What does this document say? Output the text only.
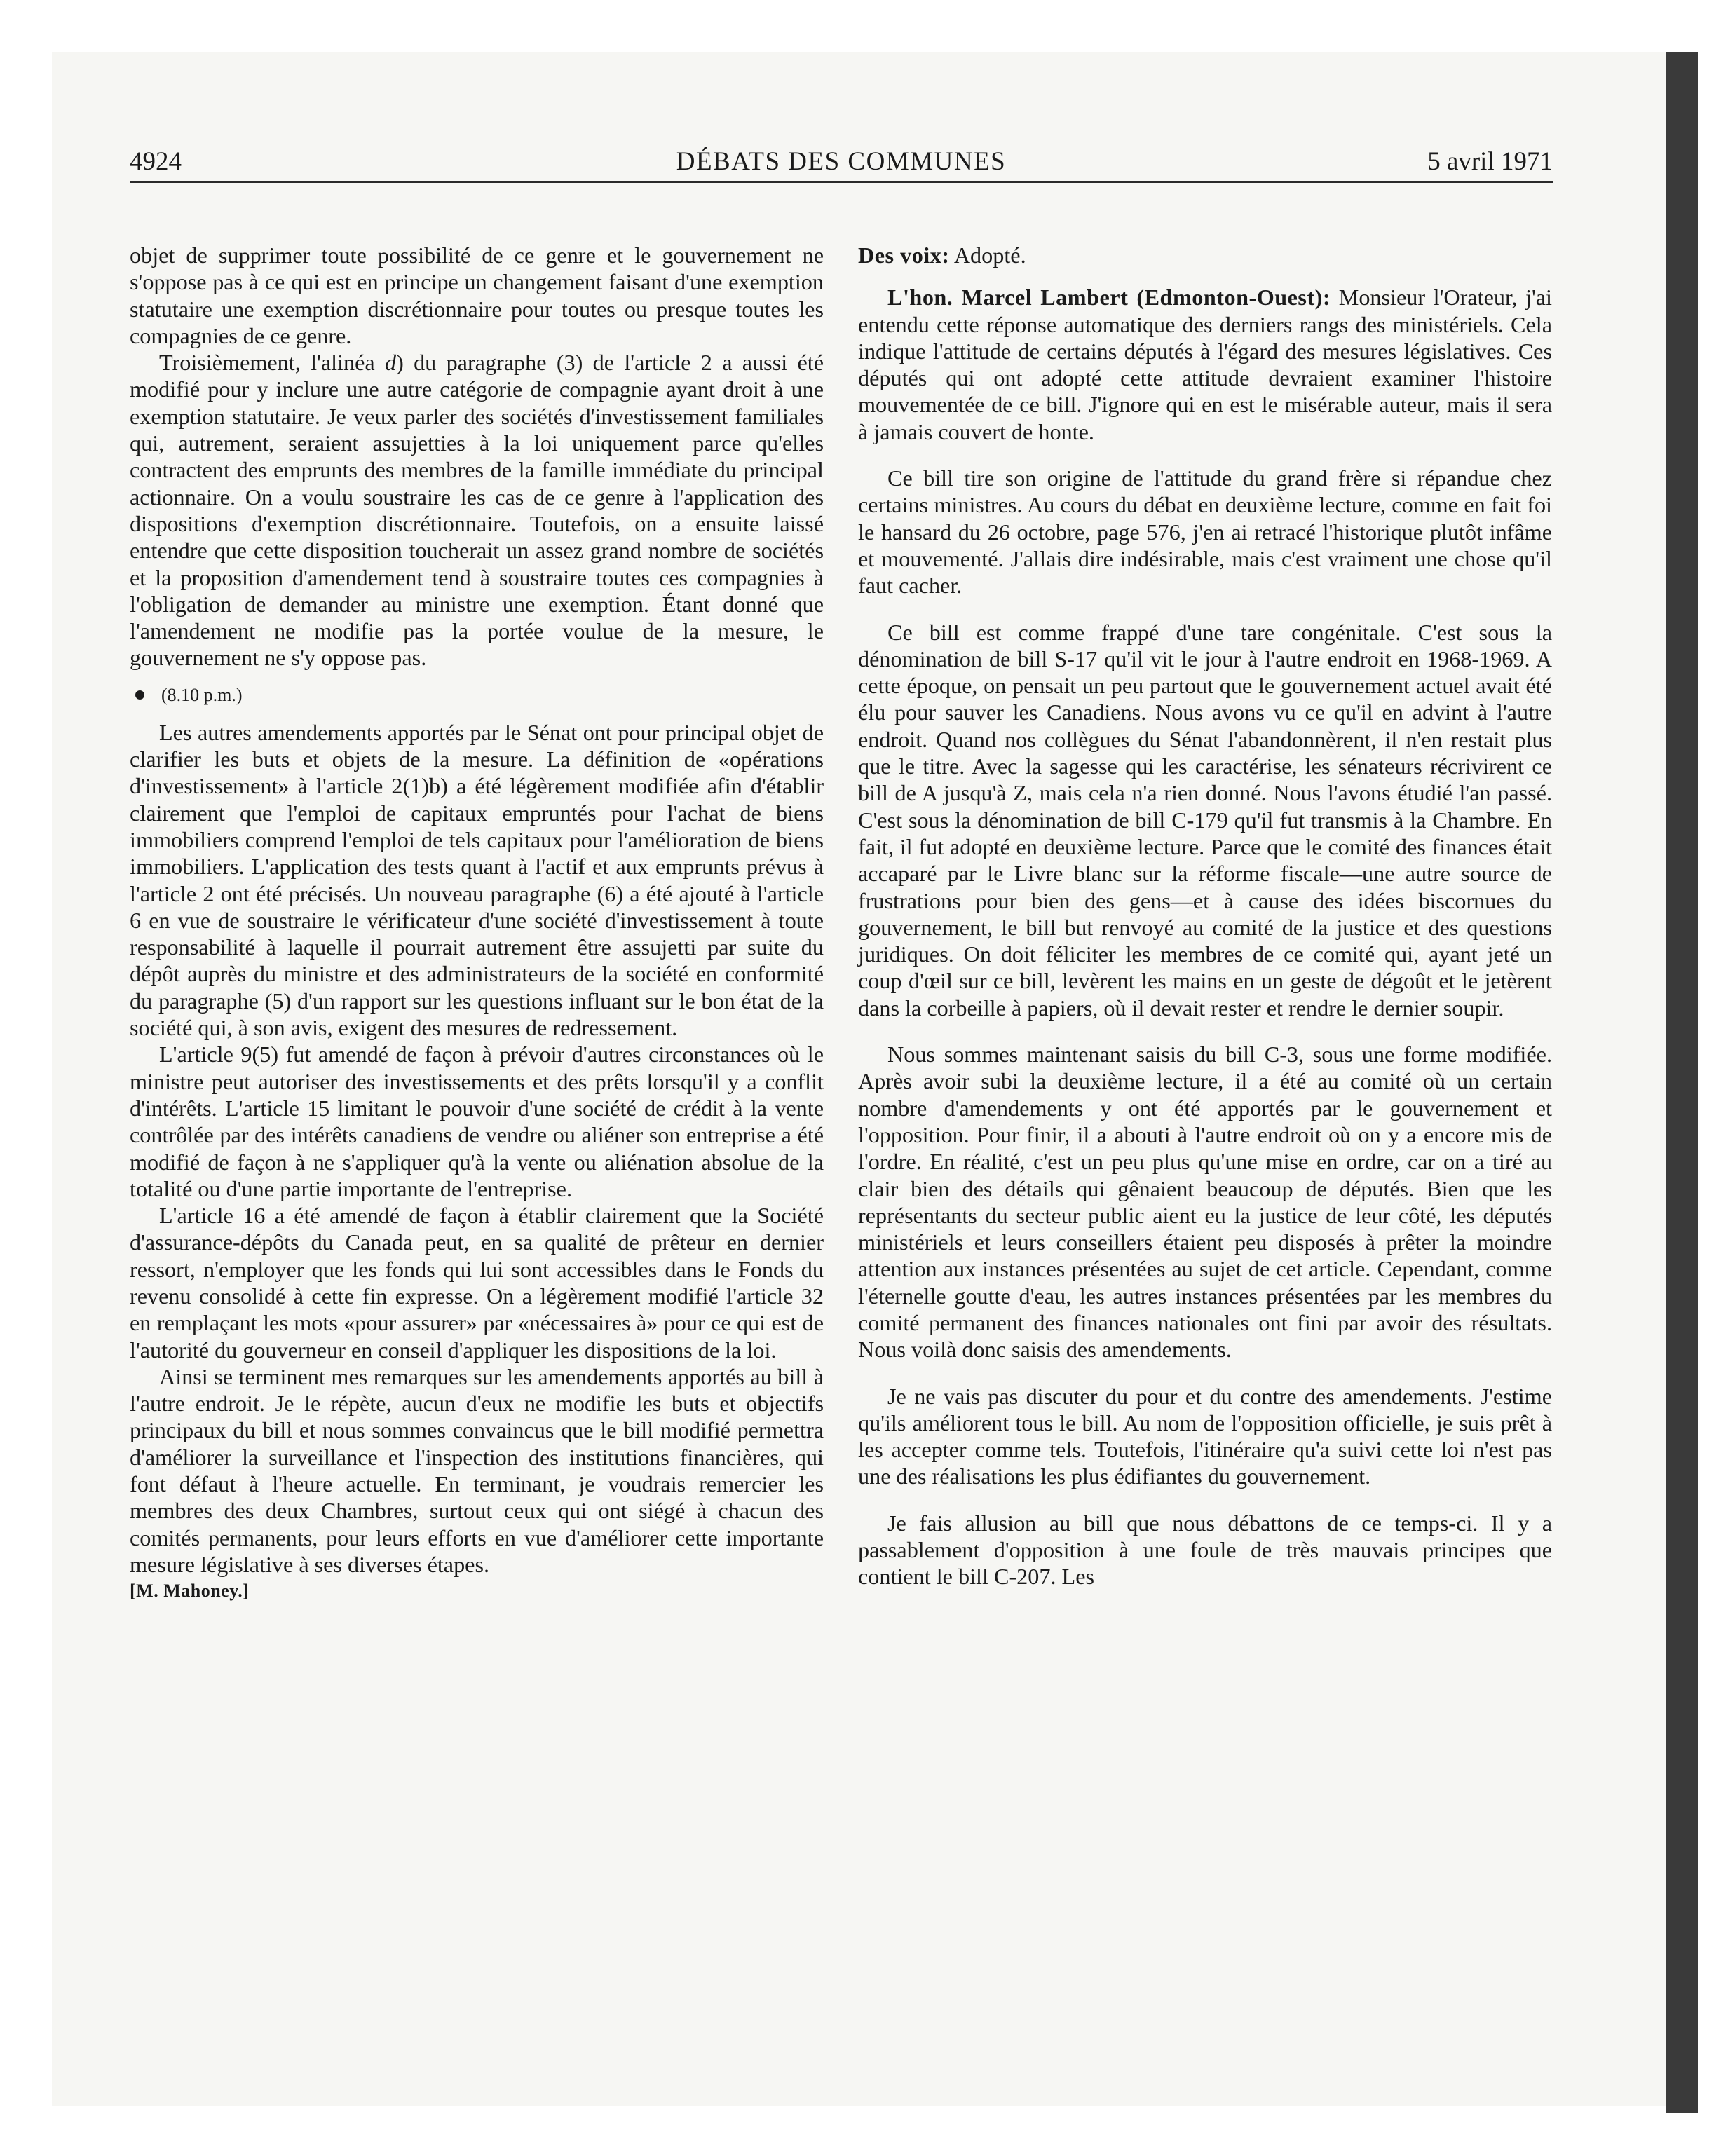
4924	DÉBATS DES COMMUNES	5 avril 1971

objet de supprimer toute possibilité de ce genre et le gouvernement ne s'oppose pas à ce qui est en principe un changement faisant d'une exemption statutaire une exemption discrétionnaire pour toutes ou presque toutes les compagnies de ce genre.

Troisièmement, l'alinéa d) du paragraphe (3) de l'article 2 a aussi été modifié pour y inclure une autre catégorie de compagnie ayant droit à une exemption statutaire. Je veux parler des sociétés d'investissement familiales qui, autrement, seraient assujetties à la loi uniquement parce qu'elles contractent des emprunts des membres de la famille immédiate du principal actionnaire. On a voulu soustraire les cas de ce genre à l'application des dispositions d'exemption discrétionnaire. Toutefois, on a ensuite laissé entendre que cette disposition toucherait un assez grand nombre de sociétés et la proposition d'amendement tend à soustraire toutes ces compagnies à l'obligation de demander au ministre une exemption. Étant donné que l'amendement ne modifie pas la portée voulue de la mesure, le gouvernement ne s'y oppose pas.

(8.10 p.m.)

Les autres amendements apportés par le Sénat ont pour principal objet de clarifier les buts et objets de la mesure. La définition de «opérations d'investissement» à l'article 2(1)b) a été légèrement modifiée afin d'établir clairement que l'emploi de capitaux empruntés pour l'achat de biens immobiliers comprend l'emploi de tels capitaux pour l'amélioration de biens immobiliers. L'application des tests quant à l'actif et aux emprunts prévus à l'article 2 ont été précisés. Un nouveau paragraphe (6) a été ajouté à l'article 6 en vue de soustraire le vérificateur d'une société d'investissement à toute responsabilité à laquelle il pourrait autrement être assujetti par suite du dépôt auprès du ministre et des administrateurs de la société en conformité du paragraphe (5) d'un rapport sur les questions influant sur le bon état de la société qui, à son avis, exigent des mesures de redressement.

L'article 9(5) fut amendé de façon à prévoir d'autres circonstances où le ministre peut autoriser des investissements et des prêts lorsqu'il y a conflit d'intérêts. L'article 15 limitant le pouvoir d'une société de crédit à la vente contrôlée par des intérêts canadiens de vendre ou aliéner son entreprise a été modifié de façon à ne s'appliquer qu'à la vente ou aliénation absolue de la totalité ou d'une partie importante de l'entreprise.

L'article 16 a été amendé de façon à établir clairement que la Société d'assurance-dépôts du Canada peut, en sa qualité de prêteur en dernier ressort, n'employer que les fonds qui lui sont accessibles dans le Fonds du revenu consolidé à cette fin expresse. On a légèrement modifié l'article 32 en remplaçant les mots «pour assurer» par «nécessaires à» pour ce qui est de l'autorité du gouverneur en conseil d'appliquer les dispositions de la loi.

Ainsi se terminent mes remarques sur les amendements apportés au bill à l'autre endroit. Je le répète, aucun d'eux ne modifie les buts et objectifs principaux du bill et nous sommes convaincus que le bill modifié permettra d'améliorer la surveillance et l'inspection des institutions financières, qui font défaut à l'heure actuelle. En terminant, je voudrais remercier les membres des deux Chambres, surtout ceux qui ont siégé à chacun des comités permanents, pour leurs efforts en vue d'améliorer cette importante mesure législative à ses diverses étapes.

[M. Mahoney.]

Des voix: Adopté.

L'hon. Marcel Lambert (Edmonton-Ouest): Monsieur l'Orateur, j'ai entendu cette réponse automatique des derniers rangs des ministériels. Cela indique l'attitude de certains députés à l'égard des mesures législatives. Ces députés qui ont adopté cette attitude devraient examiner l'histoire mouvementée de ce bill. J'ignore qui en est le misérable auteur, mais il sera à jamais couvert de honte.

Ce bill tire son origine de l'attitude du grand frère si répandue chez certains ministres. Au cours du débat en deuxième lecture, comme en fait foi le hansard du 26 octobre, page 576, j'en ai retracé l'historique plutôt infâme et mouvementé. J'allais dire indésirable, mais c'est vraiment une chose qu'il faut cacher.

Ce bill est comme frappé d'une tare congénitale. C'est sous la dénomination de bill S-17 qu'il vit le jour à l'autre endroit en 1968-1969. A cette époque, on pensait un peu partout que le gouvernement actuel avait été élu pour sauver les Canadiens. Nous avons vu ce qu'il en advint à l'autre endroit. Quand nos collègues du Sénat l'abandonnèrent, il n'en restait plus que le titre. Avec la sagesse qui les caractérise, les sénateurs récrivirent ce bill de A jusqu'à Z, mais cela n'a rien donné. Nous l'avons étudié l'an passé. C'est sous la dénomination de bill C-179 qu'il fut transmis à la Chambre. En fait, il fut adopté en deuxième lecture. Parce que le comité des finances était accaparé par le Livre blanc sur la réforme fiscale—une autre source de frustrations pour bien des gens—et à cause des idées biscornues du gouvernement, le bill but renvoyé au comité de la justice et des questions juridiques. On doit féliciter les membres de ce comité qui, ayant jeté un coup d'œil sur ce bill, levèrent les mains en un geste de dégoût et le jetèrent dans la corbeille à papiers, où il devait rester et rendre le dernier soupir.

Nous sommes maintenant saisis du bill C-3, sous une forme modifiée. Après avoir subi la deuxième lecture, il a été au comité où un certain nombre d'amendements y ont été apportés par le gouvernement et l'opposition. Pour finir, il a abouti à l'autre endroit où on y a encore mis de l'ordre. En réalité, c'est un peu plus qu'une mise en ordre, car on a tiré au clair bien des détails qui gênaient beaucoup de députés. Bien que les représentants du secteur public aient eu la justice de leur côté, les députés ministériels et leurs conseillers étaient peu disposés à prêter la moindre attention aux instances présentées au sujet de cet article. Cependant, comme l'éternelle goutte d'eau, les autres instances présentées par les membres du comité permanent des finances nationales ont fini par avoir des résultats. Nous voilà donc saisis des amendements.

Je ne vais pas discuter du pour et du contre des amendements. J'estime qu'ils améliorent tous le bill. Au nom de l'opposition officielle, je suis prêt à les accepter comme tels. Toutefois, l'itinéraire qu'a suivi cette loi n'est pas une des réalisations les plus édifiantes du gouvernement.

Je fais allusion au bill que nous débattons de ce temps-ci. Il y a passablement d'opposition à une foule de très mauvais principes que contient le bill C-207. Les
